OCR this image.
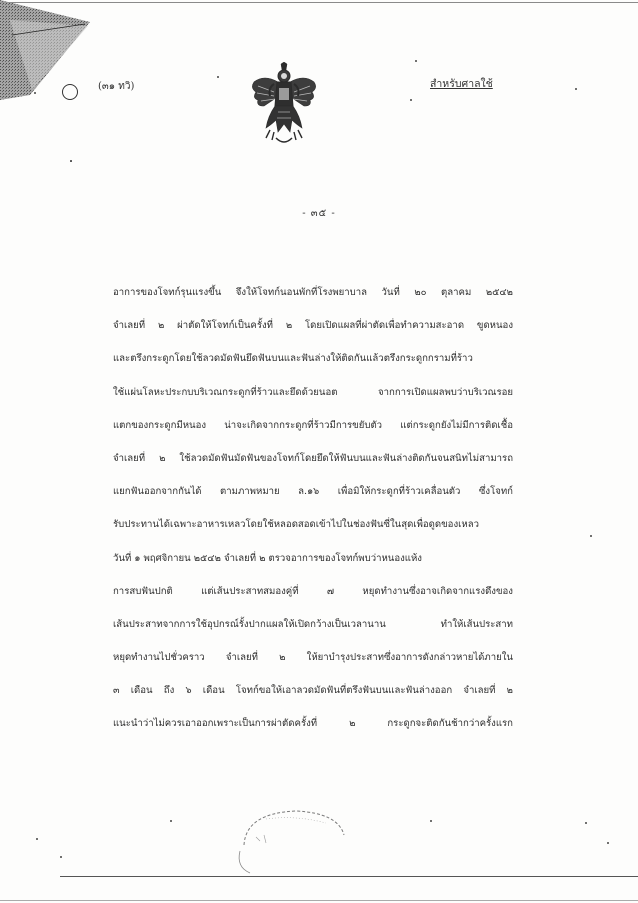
(๓๑ ทวิ)	สำหรับศาลใช้
- ๓๕ -
อาการของโจทก์รุนแรงขึ้น จึงให้โจทก์นอนพักที่โรงพยาบาล วันที่ ๒๐ ตุลาคม ๒๕๔๒
จำเลยที่ ๒ ผ่าตัดให้โจทก์เป็นครั้งที่ ๒ โดยเปิดแผลที่ผ่าตัดเพื่อทำความสะอาด ขูดหนอง
และตรึงกระดูกโดยใช้ลวดมัดฟันยึดฟันบนและฟันล่างให้ติดกันแล้วตรึงกระดูกกรามที่ร้าว
ใช้แผ่นโลหะประกบบริเวณกระดูกที่ร้าวและยึดด้วยนอต จากการเปิดแผลพบว่าบริเวณรอย
แตกของกระดูกมีหนอง น่าจะเกิดจากกระดูกที่ร้าวมีการขยับตัว แต่กระดูกยังไม่มีการติดเชื้อ
จำเลยที่ ๒ ใช้ลวดมัดฟันมัดฟันของโจทก์โดยยึดให้ฟันบนและฟันล่างติดกันจนสนิทไม่สามารถ
แยกฟันออกจากกันได้ ตามภาพหมาย ล.๑๖ เพื่อมิให้กระดูกที่ร้าวเคลื่อนตัว ซึ่งโจทก์
รับประทานได้เฉพาะอาหารเหลวโดยใช้หลอดสอดเข้าไปในช่องฟันซี่ในสุดเพื่อดูดของเหลว
วันที่ ๑ พฤศจิกายน ๒๕๔๒ จำเลยที่ ๒ ตรวจอาการของโจทก์พบว่าหนองแห้ง
การสบฟันปกติ แต่เส้นประสาทสมองคู่ที่ ๗ หยุดทำงานซึ่งอาจเกิดจากแรงดึงของ
เส้นประสาทจากการใช้อุปกรณ์รั้งปากแผลให้เปิดกว้างเป็นเวลานาน ทำให้เส้นประสาท
หยุดทำงานไปชั่วคราว จำเลยที่ ๒ ให้ยาบำรุงประสาทซึ่งอาการดังกล่าวหายได้ภายใน
๓ เดือน ถึง ๖ เดือน โจทก์ขอให้เอาลวดมัดฟันที่ตรึงฟันบนและฟันล่างออก จำเลยที่ ๒
แนะนำว่าไม่ควรเอาออกเพราะเป็นการผ่าตัดครั้งที่ ๒ กระดูกจะติดกันช้ากว่าครั้งแรก
